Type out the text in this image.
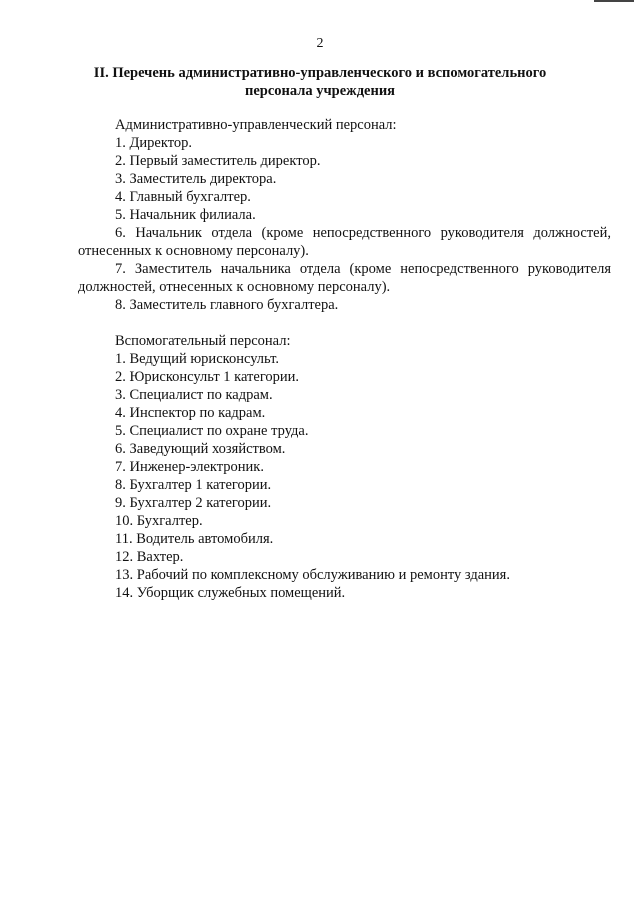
2
II. Перечень административно-управленческого и вспомогательного
персонала учреждения
Административно-управленческий персонал:
1. Директор.
2. Первый заместитель директор.
3. Заместитель директора.
4. Главный бухгалтер.
5. Начальник филиала.
6. Начальник отдела (кроме непосредственного руководителя должностей, отнесенных к основному персоналу).
7. Заместитель начальника отдела (кроме непосредственного руководителя должностей, отнесенных к основному персоналу).
8. Заместитель главного бухгалтера.
Вспомогательный персонал:
1. Ведущий юрисконсульт.
2. Юрисконсульт 1 категории.
3. Специалист по кадрам.
4. Инспектор по кадрам.
5. Специалист по охране труда.
6. Заведующий хозяйством.
7. Инженер-электроник.
8. Бухгалтер 1 категории.
9. Бухгалтер 2 категории.
10. Бухгалтер.
11. Водитель автомобиля.
12. Вахтер.
13. Рабочий по комплексному обслуживанию и ремонту здания.
14. Уборщик служебных помещений.
